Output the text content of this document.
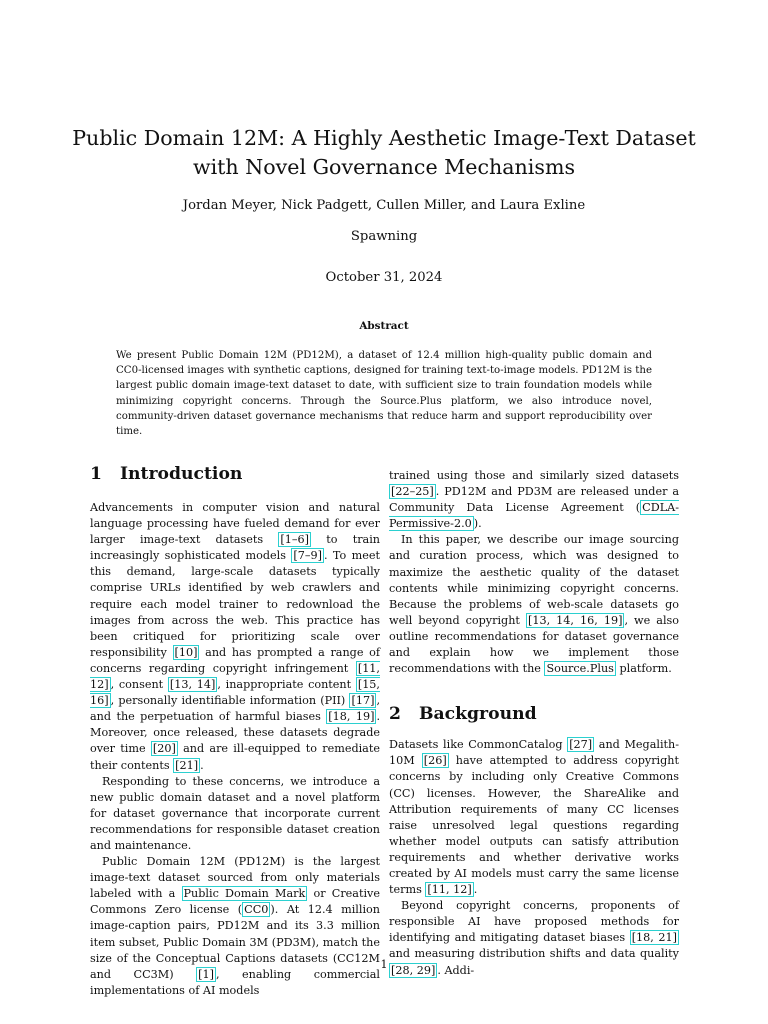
Public Domain 12M: A Highly Aesthetic Image-Text Dataset with Novel Governance Mechanisms

Jordan Meyer, Nick Padgett, Cullen Miller, and Laura Exline

Spawning

October 31, 2024

Abstract

We present Public Domain 12M (PD12M), a dataset of 12.4 million high-quality public domain and CC0-licensed images with synthetic captions, designed for training text-to-image models. PD12M is the largest public domain image-text dataset to date, with sufficient size to train foundation models while minimizing copyright concerns. Through the Source.Plus platform, we also introduce novel, community-driven dataset governance mechanisms that reduce harm and support reproducibility over time.

1 Introduction

Advancements in computer vision and natural language processing have fueled demand for ever larger image-text datasets [1–6] to train increasingly sophisticated models [7–9] . To meet this demand, large-scale datasets typically comprise URLs identified by web crawlers and require each model trainer to redownload the images from across the web. This practice has been critiqued for prioritizing scale over responsibility [10] and has prompted a range of concerns regarding copyright infringement [11, 12] , consent [13, 14] , inappropriate content [15, 16] , personally identifiable information (PII) [17] , and the perpetuation of harmful biases [18, 19] . Moreover, once released, these datasets degrade over time [20] and are ill-equipped to remediate their contents [21] .

Responding to these concerns, we introduce a new public domain dataset and a novel platform for dataset governance that incorporate current recommendations for responsible dataset creation and maintenance.

Public Domain 12M (PD12M) is the largest image-text dataset sourced from only materials labeled with a Public Domain Mark or Creative Commons Zero license ( CC0 ). At 12.4 million image-caption pairs, PD12M and its 3.3 million item subset, Public Domain 3M (PD3M), match the size of the Conceptual Captions datasets (CC12M and CC3M) [1] , enabling commercial implementations of AI models

trained using those and similarly sized datasets [22–25] . PD12M and PD3M are released under a Community Data License Agreement ( CDLA-Permissive-2.0 ).

In this paper, we describe our image sourcing and curation process, which was designed to maximize the aesthetic quality of the dataset contents while minimizing copyright concerns. Because the problems of web-scale datasets go well beyond copyright [13, 14, 16, 19] , we also outline recommendations for dataset governance and explain how we implement those recommendations with the Source.Plus platform.

2 Background

Datasets like CommonCatalog [27] and Megalith-10M [26] have attempted to address copyright concerns by including only Creative Commons (CC) licenses. However, the ShareAlike and Attribution requirements of many CC licenses raise unresolved legal questions regarding whether model outputs can satisfy attribution requirements and whether derivative works created by AI models must carry the same license terms [11, 12] .

Beyond copyright concerns, proponents of responsible AI have proposed methods for identifying and mitigating dataset biases [18, 21] and measuring distribution shifts and data quality [28, 29] . Addi-

1
